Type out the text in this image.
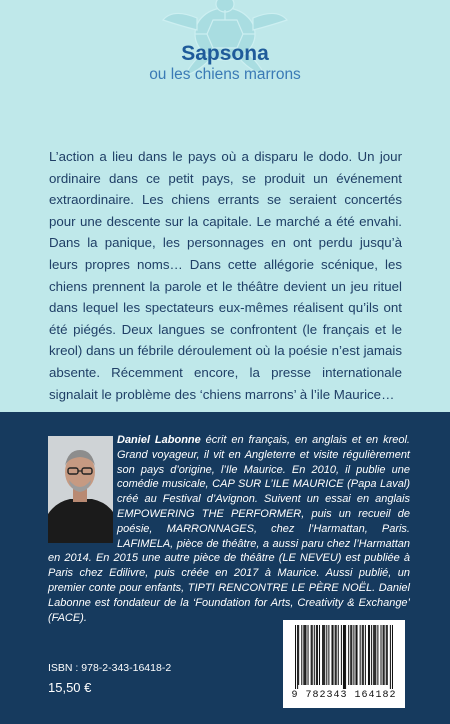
Sapsona
ou les chiens marrons

L’action a lieu dans le pays où a disparu le dodo. Un jour ordinaire dans ce petit pays, se produit un événement extraordinaire. Les chiens errants se seraient concertés pour une descente sur la capitale. Le marché a été envahi. Dans la panique, les personnages en ont perdu jusqu’à leurs propres noms… Dans cette allégorie scénique, les chiens prennent la parole et le théâtre devient un jeu rituel dans lequel les spectateurs eux-mêmes réalisent qu’ils ont été piégés. Deux langues se confrontent (le français et le kreol) dans un fébrile déroulement où la poésie n’est jamais absente. Récemment encore, la presse internationale signalait le problème des ‘chiens marrons’ à l’ile Maurice…

Daniel Labonne écrit en français, en anglais et en kreol. Grand voyageur, il vit en Angleterre et visite régulièrement son pays d’origine, l’Ile Maurice. En 2010, il publie une comédie musicale, CAP SUR L’ILE MAURICE (Papa Laval) créé au Festival d’Avignon. Suivent un essai en anglais EMPOWERING THE PERFORMER, puis un recueil de poésie, MARRONNAGES, chez l’Harmattan, Paris. LAFIMELA, pièce de théâtre, a aussi paru chez l’Harmattan en 2014. En 2015 une autre pièce de théâtre (LE NEVEU) est publiée à Paris chez Edilivre, puis créée en 2017 à Maurice. Aussi publié, un premier conte pour enfants, TIPTI RENCONTRE LE PÈRE NOËL. Daniel Labonne est fondateur de la ‘Foundation for Arts, Creativity & Exchange’ (FACE).

ISBN : 978-2-343-16418-2
15,50 €
9 782343 164182
